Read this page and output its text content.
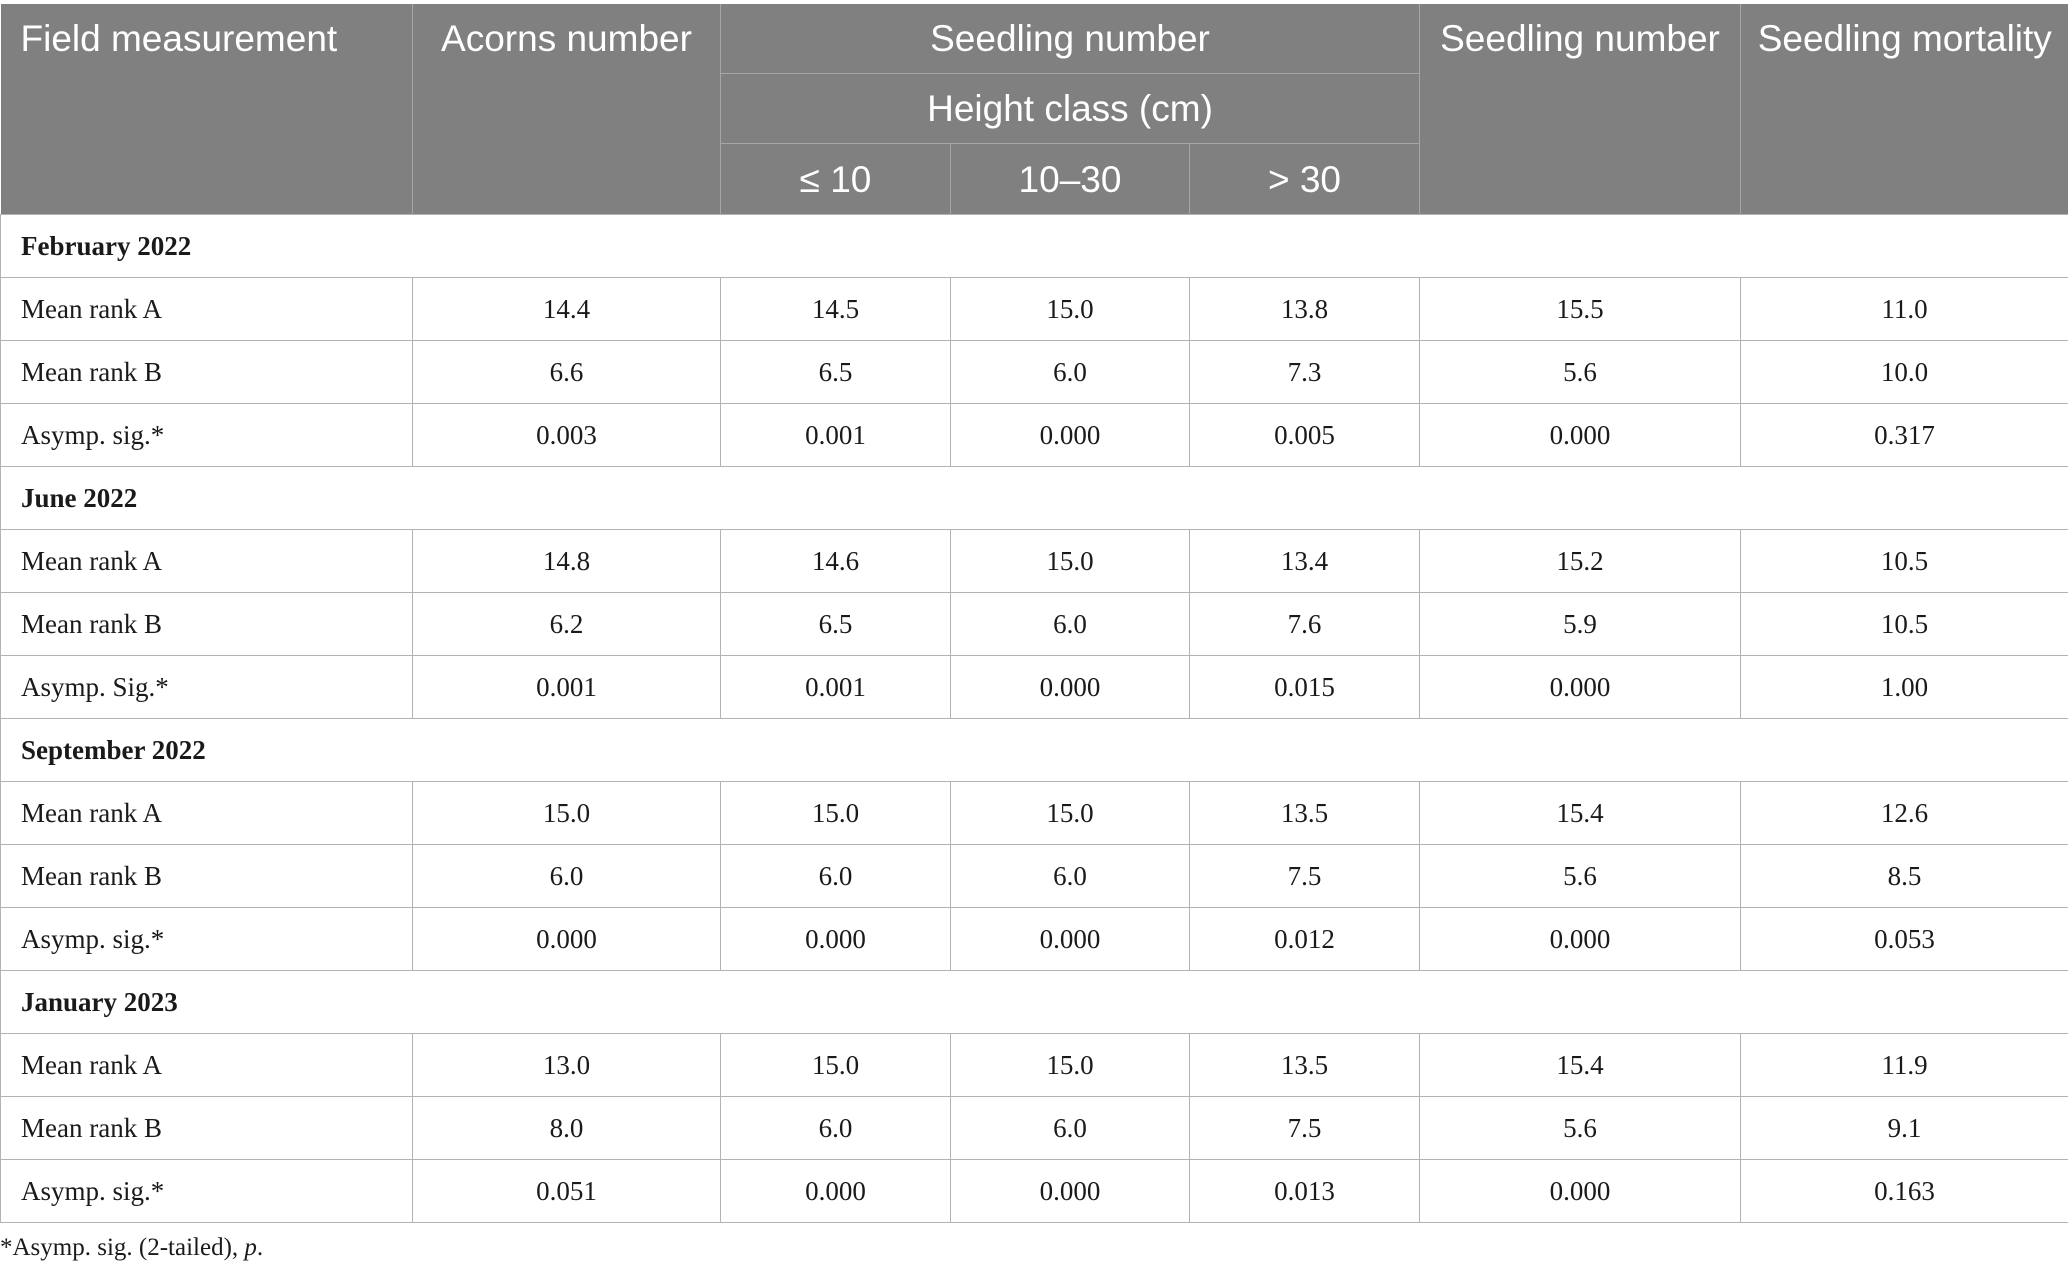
Field measurement	Acorns number	Seedling number			Seedling number	Seedling mortality
		Height class (cm)				
		≤ 10	10–30	> 30		
February 2022						
Mean rank A	14.4	14.5	15.0	13.8	15.5	11.0
Mean rank B	6.6	6.5	6.0	7.3	5.6	10.0
Asymp. sig.*	0.003	0.001	0.000	0.005	0.000	0.317
June 2022						
Mean rank A	14.8	14.6	15.0	13.4	15.2	10.5
Mean rank B	6.2	6.5	6.0	7.6	5.9	10.5
Asymp. Sig.*	0.001	0.001	0.000	0.015	0.000	1.00
September 2022						
Mean rank A	15.0	15.0	15.0	13.5	15.4	12.6
Mean rank B	6.0	6.0	6.0	7.5	5.6	8.5
Asymp. sig.*	0.000	0.000	0.000	0.012	0.000	0.053
January 2023						
Mean rank A	13.0	15.0	15.0	13.5	15.4	11.9
Mean rank B	8.0	6.0	6.0	7.5	5.6	9.1
Asymp. sig.*	0.051	0.000	0.000	0.013	0.000	0.163
*Asymp. sig. (2-tailed), p.
